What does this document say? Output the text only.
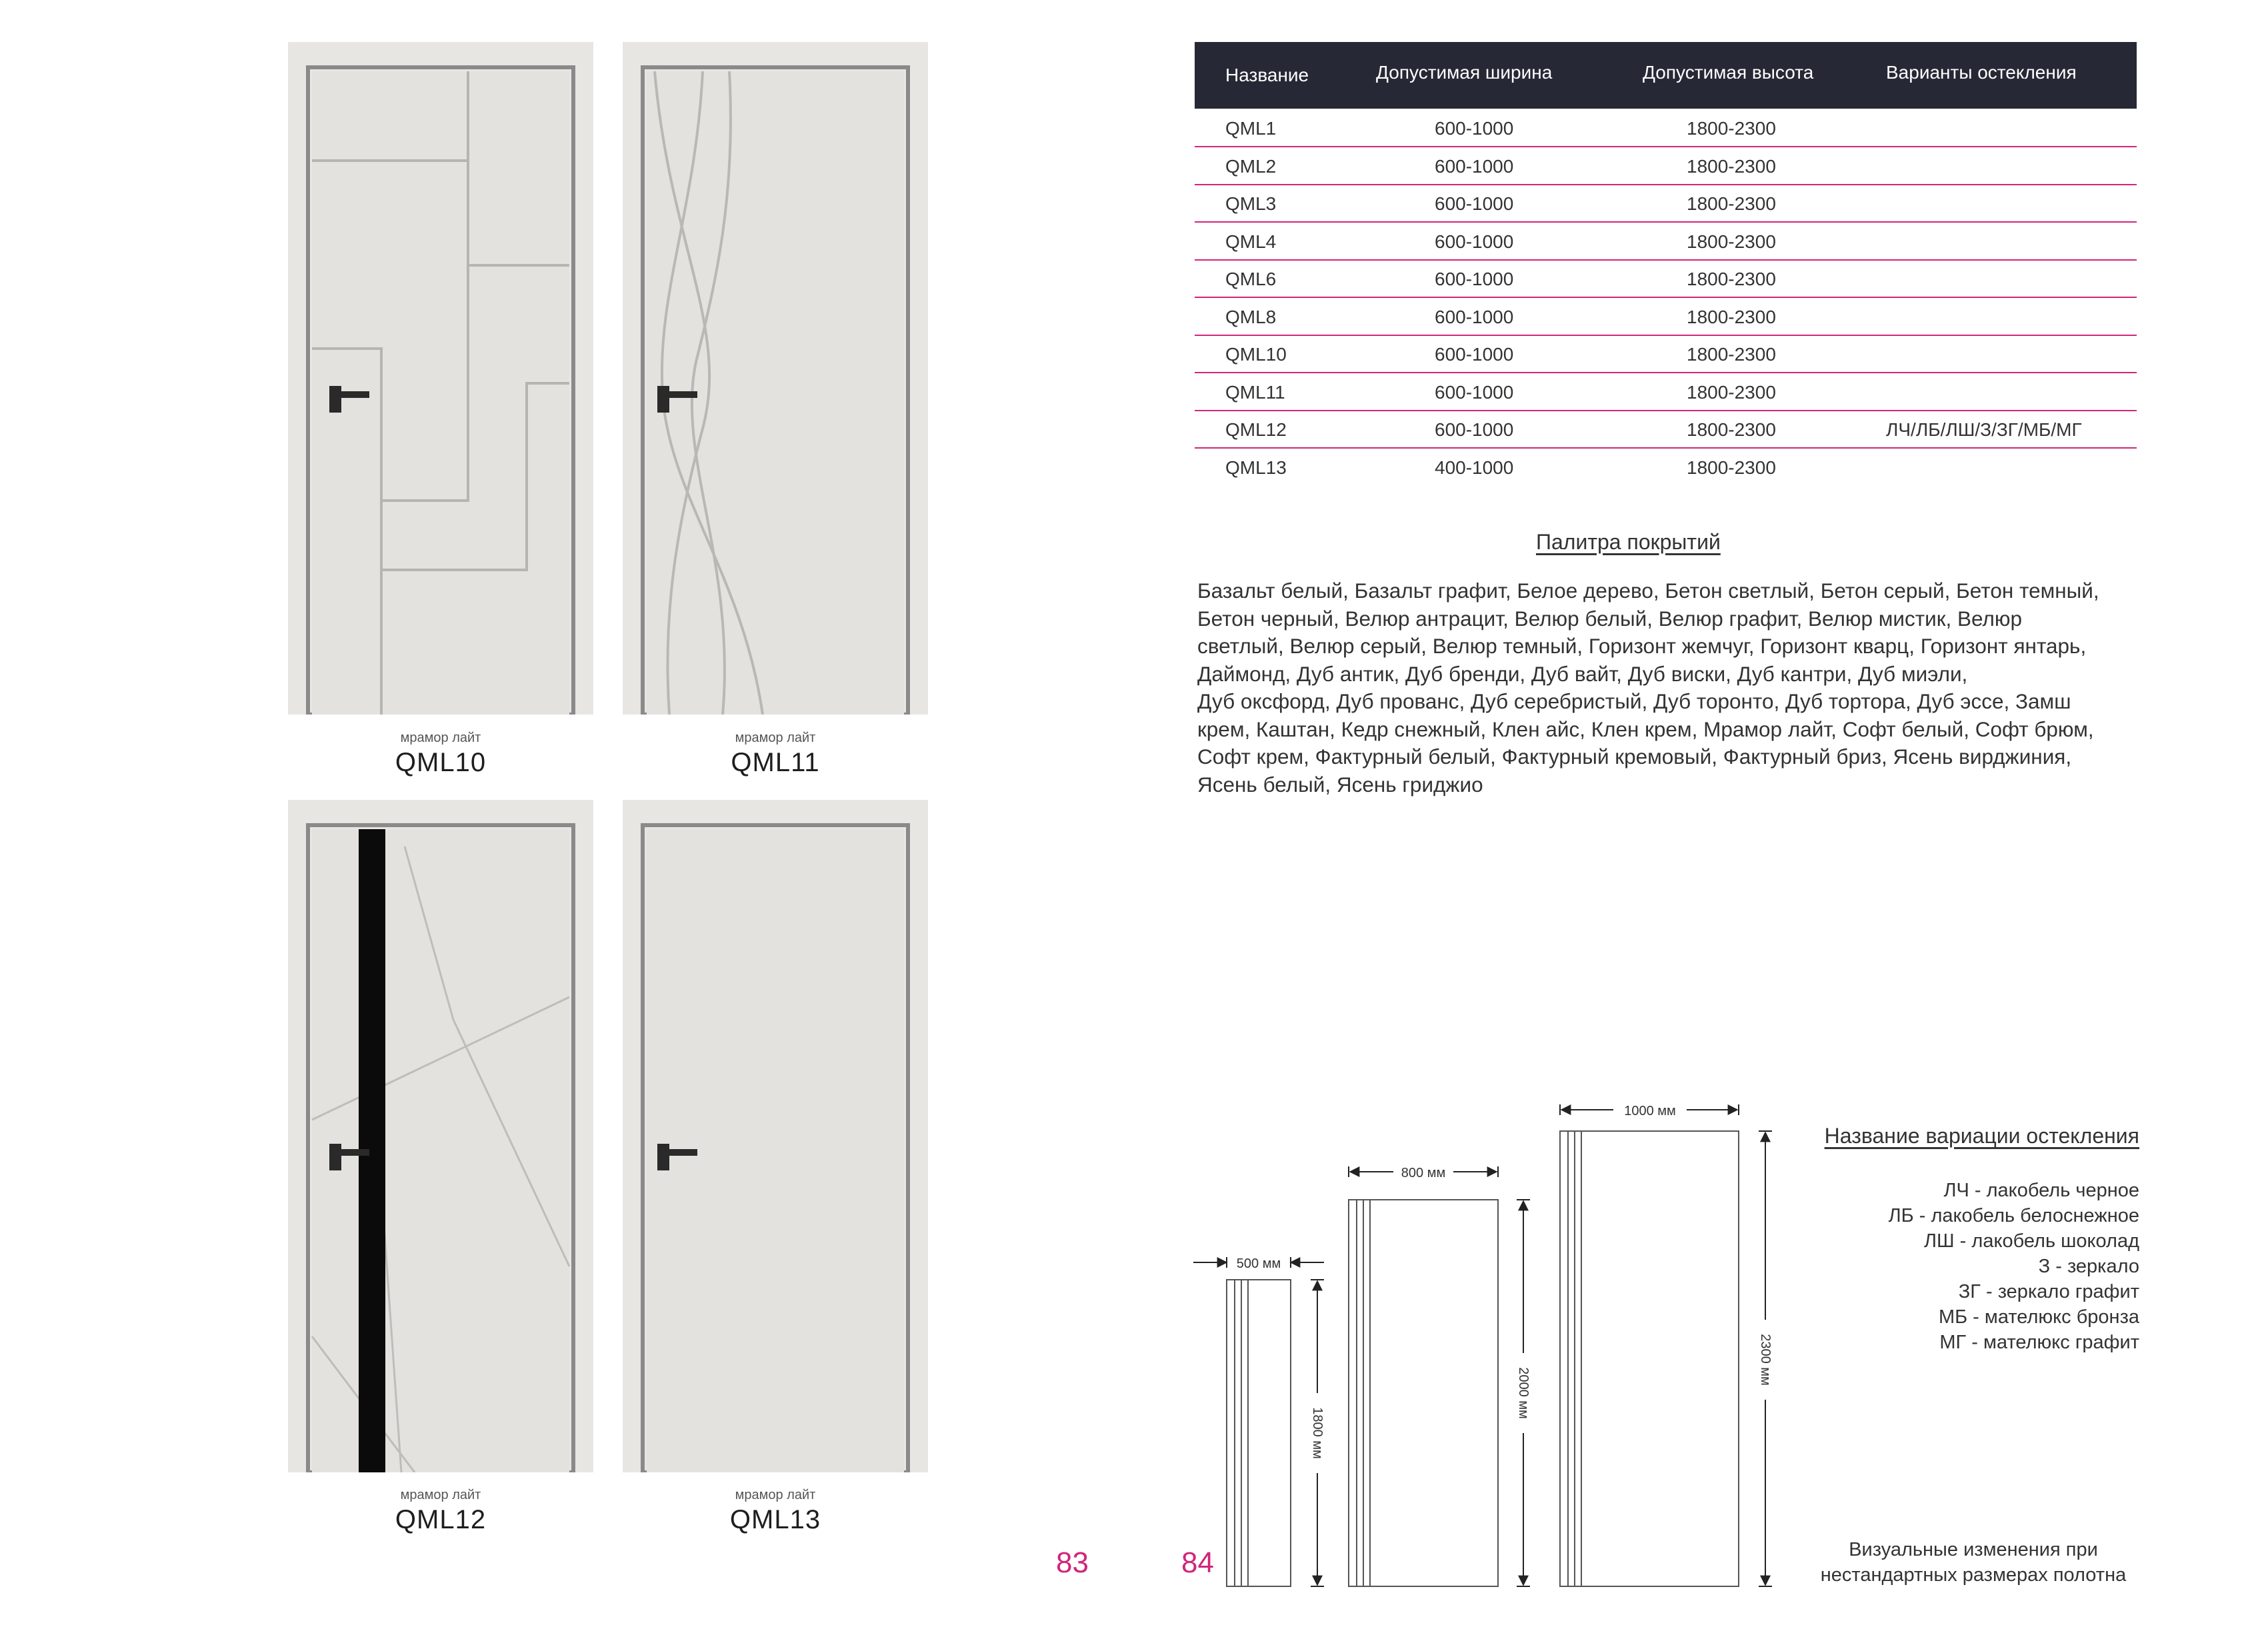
мрамор лайт
QML10
мрамор лайт
QML11
мрамор лайт
QML12
мрамор лайт
QML13
83
Название	Допустимая ширина	Допустимая высота	Варианты остекления
QML1	600-1000	1800-2300
QML2	600-1000	1800-2300
QML3	600-1000	1800-2300
QML4	600-1000	1800-2300
QML6	600-1000	1800-2300
QML8	600-1000	1800-2300
QML10	600-1000	1800-2300
QML11	600-1000	1800-2300
QML12	600-1000	1800-2300	ЛЧ/ЛБ/ЛШ/З/ЗГ/МБ/МГ
QML13	400-1000	1800-2300
Палитра покрытий
Базальт белый, Базальт графит, Белое дерево, Бетон светлый, Бетон серый, Бетон темный,
Бетон черный, Велюр антрацит, Велюр белый, Велюр графит, Велюр мистик, Велюр
светлый, Велюр серый, Велюр темный, Горизонт жемчуг, Горизонт кварц, Горизонт янтарь,
Даймонд, Дуб антик, Дуб бренди, Дуб вайт, Дуб виски, Дуб кантри, Дуб миэли,
Дуб оксфорд, Дуб прованс, Дуб серебристый, Дуб торонто, Дуб тортора, Дуб эссе, Замш
крем, Каштан, Кедр снежный, Клен айс, Клен крем, Мрамор лайт, Софт белый, Софт брюм,
Софт крем, Фактурный белый, Фактурный кремовый, Фактурный бриз, Ясень вирджиния,
Ясень белый, Ясень гриджио
500 мм
1800 мм
800 мм
2000 мм
1000 мм
2300 мм
Название вариации остекления
ЛЧ - лакобель черное
ЛБ - лакобель белоснежное
ЛШ - лакобель шоколад
З - зеркало
ЗГ - зеркало графит
МБ - мателюкс бронза
МГ - мателюкс графит
Визуальные изменения при
нестандартных размерах полотна
84
